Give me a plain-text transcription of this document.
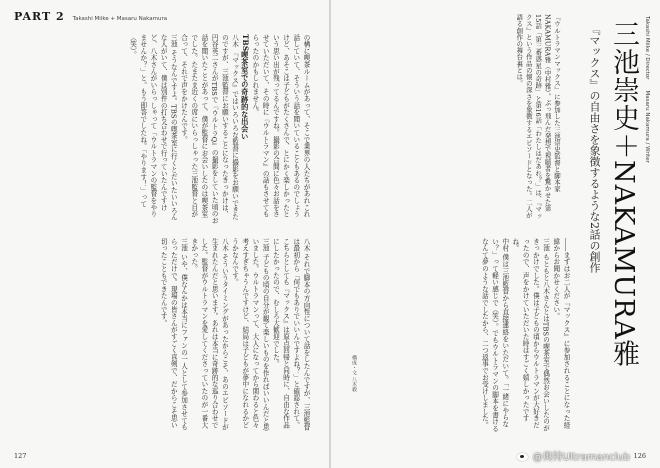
PART 2 Takashi Miike + Masaru Nakamura

の構に喫茶ルームがあって、そこで業界の人たちがあれこれ話していて、そういう話を聞いていることもあるのでしょうけど、あそこは子どもがたくさんで、とにかく楽しかったという思い出が残ってるんですね。撮影の合間に色々お話をさせていただいて、その時に『ウルトラマン』の話もさせてもらったのかもしれません。

TBS喫茶室での奇跡的な出会い

八木 『マックス』ではいろいろな監督に撮影をお願いできたのですが、三池監督にお願いすることになったきっかけは、円谷英二さんがTBSで『ウルトラQ』の撮影をしていた頃のお話を聞いたことがあって、僕が監督にお会いしたのは喫茶室でした。たまたま近くの席にいらっしゃった三池監督と目が合って、それで声をかけたんです。

三池 そうなんですよ。TBSの喫茶室に行くとだいたいいろんな人がいて、僕は別件の打ち合わせで行っていたんですけど、八木さんがいらっしゃって「ウルトラマンの監督をやりませんか？」と。もう即答でしたね。「やります！」って（笑）。

八木 それで脚本の方向性について話をしたんですが、三池監督は最初から「何でもありでいいんですよね？」と確認されて。こちらとしても『マックス』は原点回帰と同時に、自由な作品にしたかったので、むしろ大歓迎でした。

三池 子どもの頃の自分が観て楽しいものを作ればいいんだと思いました。ウルトラマンって、大人になってから関わると色々考えすぎちゃうんですけど、結局は子どもが夢中になれるかどうかなんです。

八木 そういうタイミングがあったからこそ、あのエピソードが生まれたんだと思います。あれは本当に奇跡的な巡り合わせでした。監督がウルトラマンを愛してくださっていたのが一番大きかった。

三池 いや、僕なんかは本当にファンの一人として参加させてもらっただけで。現場の皆さんがすごく真剣で、だからこそ思い切ったこともできたんです。

127
Takashi Miike / Director　　Masaru Nakamura / Writer
三池崇史＋NAKAMURA雅
『マックス』の自由さを象徴するような2話の創作

『ウルトラマンマックス』に参加した三池崇史監督と脚本家NAKAMURA雅（中村雅）。ぶっ飛んだ発想で視聴者を驚かせた第15話「第三番惑星の奇跡」と第16話「わたしはだあれ？」は、『マックス』という作品の懐の深さを象徴するエピソードとなった。二人が語る創作の舞台裏とは。

――まずはお二人が『マックス』に参加されることになった経緯からお聞かせください。

三池 もともと八木さんとはTBSの喫茶室で偶然お会いしたのがきっかけでした。僕は子どもの頃からウルトラマンが大好きだったので、声をかけていただいた時はすごく嬉しかったですね。

中村 僕は三池監督から直接連絡をいただいて。「一緒にやらない？」って軽い感じで（笑）。でもウルトラマンの脚本を書けるなんて夢のような話でしたから、二つ返事でお受けしました。

構成・文 八木毅
126
@奥特Ultramanclub
